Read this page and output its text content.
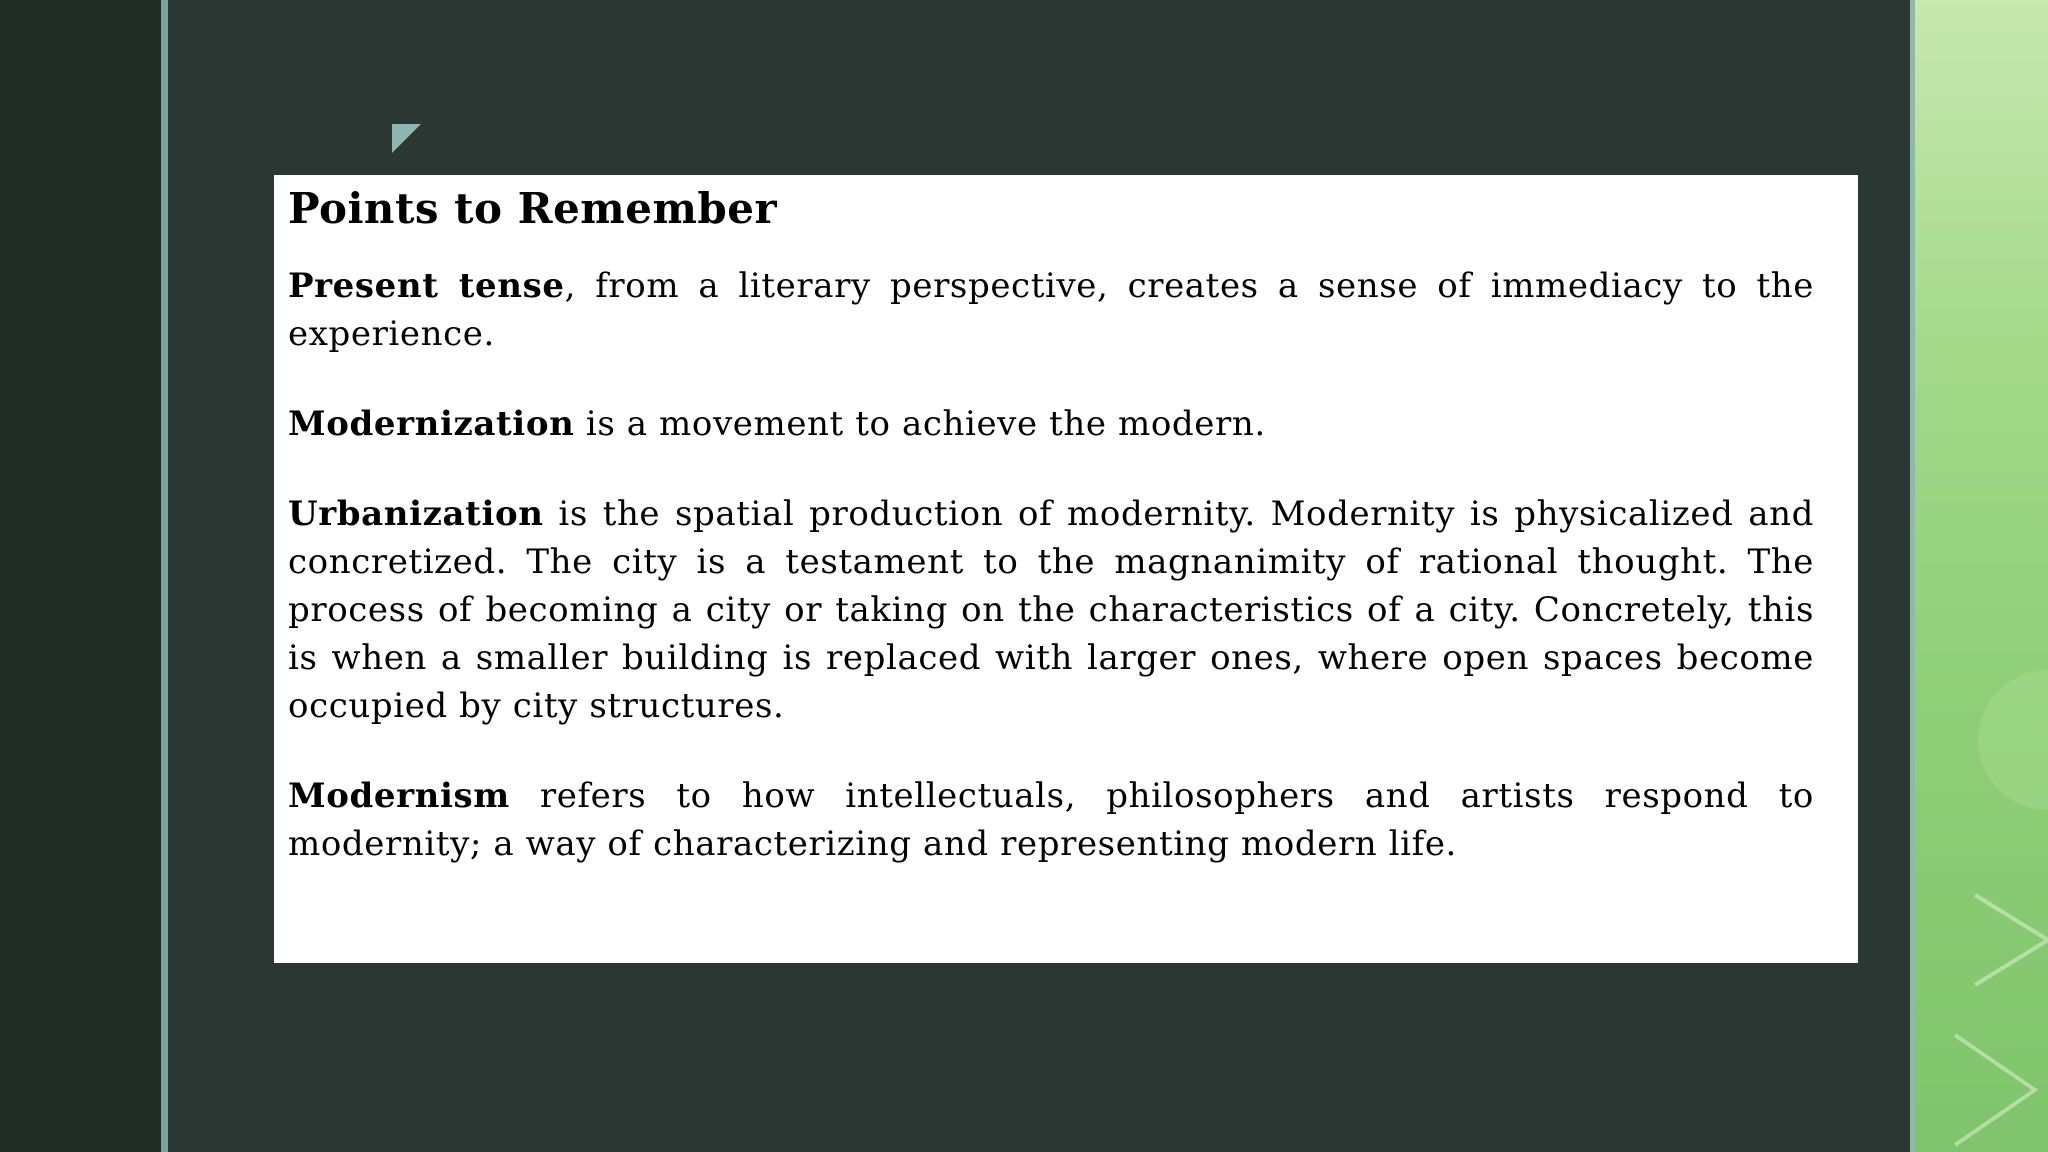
Points to Remember

Present tense, from a literary perspective, creates a sense of immediacy to the experience.

Modernization is a movement to achieve the modern.

Urbanization is the spatial production of modernity. Modernity is physicalized and concretized. The city is a testament to the magnanimity of rational thought. The process of becoming a city or taking on the characteristics of a city. Concretely, this is when a smaller building is replaced with larger ones, where open spaces become occupied by city structures.

Modernism refers to how intellectuals, philosophers and artists respond to modernity; a way of characterizing and representing modern life.
